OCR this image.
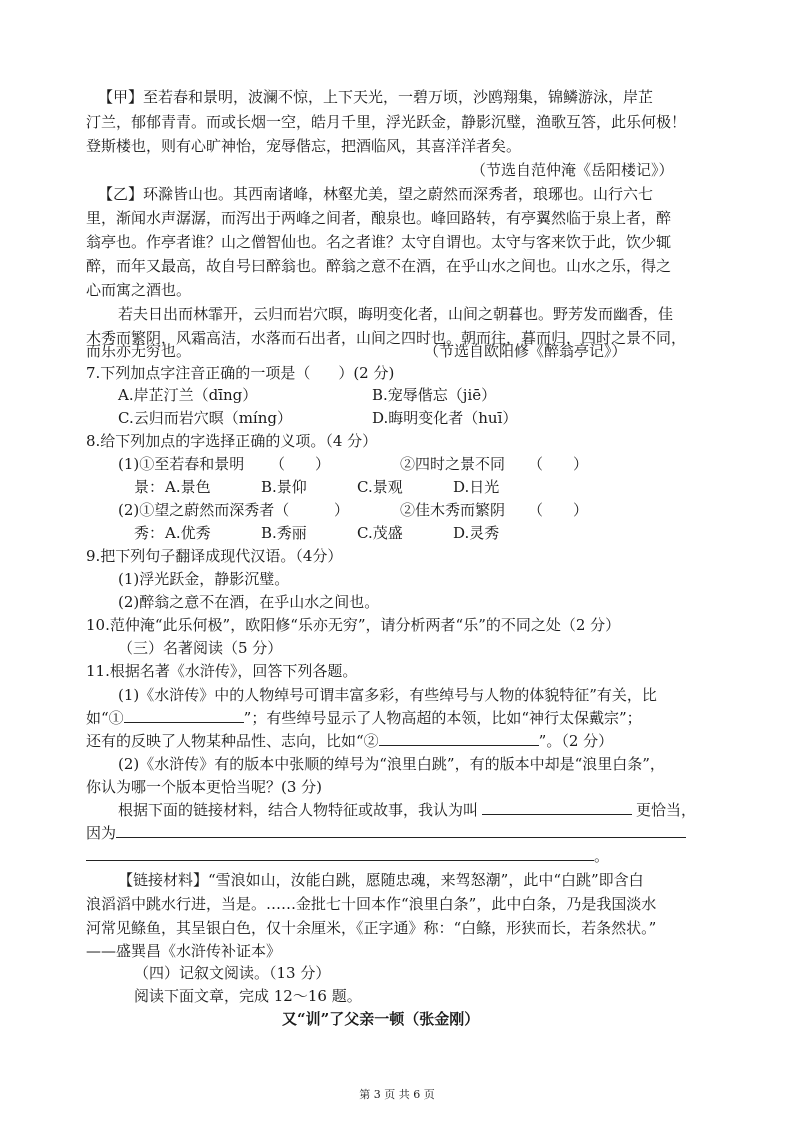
【甲】至若春和景明，波澜不惊，上下天光，一碧万顷，沙鸥翔集，锦鳞游泳，岸芷
汀兰，郁郁青青。而或长烟一空，皓月千里，浮光跃金，静影沉璧，渔歌互答，此乐何极！
登斯楼也，则有心旷神怡，宠辱偕忘，把酒临风，其喜洋洋者矣。
（节选自范仲淹《岳阳楼记》）
【乙】环滁皆山也。其西南诸峰，林壑尤美，望之蔚然而深秀者，琅琊也。山行六七
里，渐闻水声潺潺，而泻出于两峰之间者，酿泉也。峰回路转，有亭翼然临于泉上者，醉
翁亭也。作亭者谁？山之僧智仙也。名之者谁？太守自谓也。太守与客来饮于此，饮少辄
醉，而年又最高，故自号曰醉翁也。醉翁之意不在酒，在乎山水之间也。山水之乐，得之
心而寓之酒也。
若夫日出而林霏开，云归而岩穴暝，晦明变化者，山间之朝暮也。野芳发而幽香，佳
木秀而繁阴，风霜高洁，水落而石出者，山间之四时也。朝而往，暮而归，四时之景不同，
而乐亦无穷也。	（节选自欧阳修《醉翁亭记》）
7.下列加点字注音正确的一项是（ ）(2 分)
A.岸芷汀兰（dīng）	B.宠辱偕忘（jiē）
C.云归而岩穴暝（míng）	D.晦明变化者（huī）
8.给下列加点的字选择正确的义项。（4 分）
(1)①至若春和景明 （　　）	②四时之景不同 （　　）
景： A.景色	B.景仰	C.景观	D.日光
(2)①望之蔚然而深秀者（	）	②佳木秀而繁阴 （　　）
秀： A.优秀	B.秀丽	C.茂盛	D.灵秀
9.把下列句子翻译成现代汉语。（4分）
(1)浮光跃金，静影沉璧。
(2)醉翁之意不在酒，在乎山水之间也。
10.范仲淹“此乐何极”，欧阳修“乐亦无穷”，请分析两者“乐”的不同之处（2 分）
（三）名著阅读（5 分）
11.根据名著《水浒传》，回答下列各题。
(1)《水浒传》中的人物绰号可谓丰富多彩，有些绰号与人物的体貌特征”有关，比
如“①	”；有些绰号显示了人物高超的本领，比如“神行太保戴宗”；
还有的反映了人物某种品性、志向，比如“②	”。（2 分）
(2)《水浒传》有的版本中张顺的绰号为“浪里白跳”，有的版本中却是“浪里白条”，
你认为哪一个版本更恰当呢？(3 分)
根据下面的链接材料，结合人物特征或故事，我认为叫	更恰当，
因为
。
【链接材料】“雪浪如山，汝能白跳，愿随忠魂，来驾怒潮”，此中“白跳”即含白
浪滔滔中跳水行进，当是。……金批七十回本作“浪里白条”，此中白条，乃是我国淡水
河常见鲦鱼，其呈银白色，仅十余厘米，《正字通》称：“白鲦，形狭而长，若条然状。”
——盛巽昌《水浒传补证本》
（四）记叙文阅读。（13 分）
阅读下面文章，完成 12～16 题。
又“训”了父亲一顿（张金刚）
第 3 页 共 6 页
